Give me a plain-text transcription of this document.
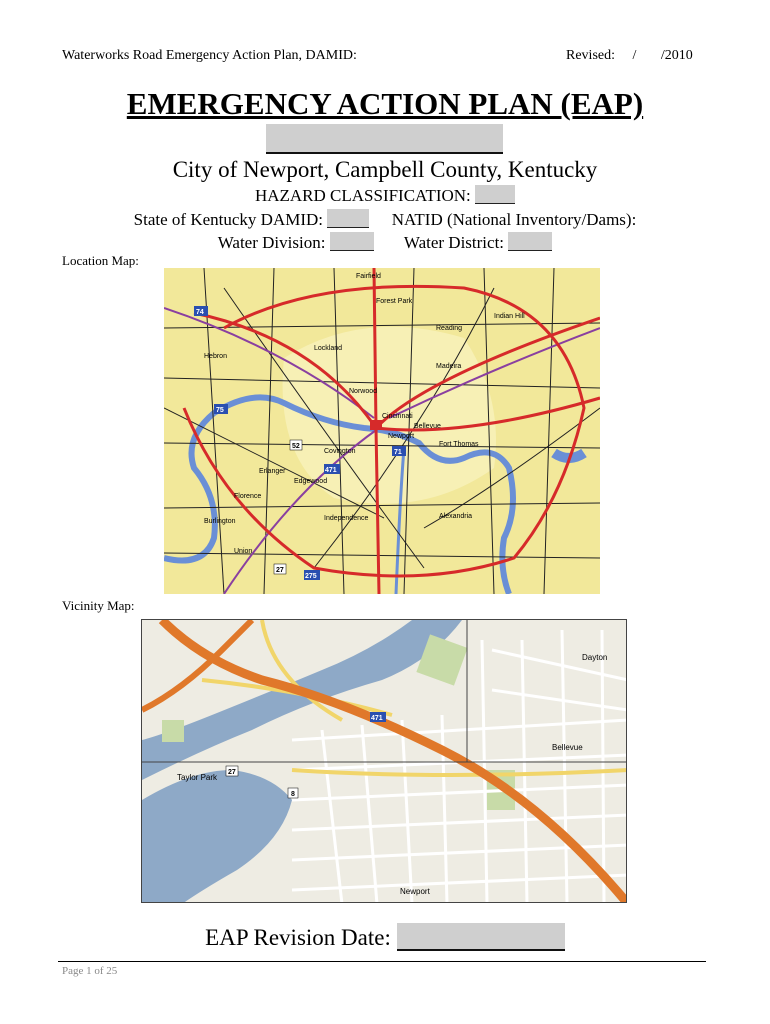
Waterworks Road Emergency Action Plan, DAMID:	Revised:     /       /2010
EMERGENCY ACTION PLAN (EAP)
City of Newport, Campbell County, Kentucky
HAZARD CLASSIFICATION:
State of Kentucky DAMID:	NATID (National Inventory/Dams):
Water Division:	Water District:
Location Map:
Fairfield
Forest Park
Reading
Lockland
Madeira
Indian Hill
Norwood
Cincinnati
Covington
Newport
Bellevue
Fort Thomas
Independence
Union
Alexandria
Edgewood
Erlanger
Florence
Hebron
Burlington
74
75
71
275
471
27
52
Vicinity Map:
Newport
Bellevue
Taylor Park
Dayton
471
27
8
EAP Revision Date:
Page 1 of 25
